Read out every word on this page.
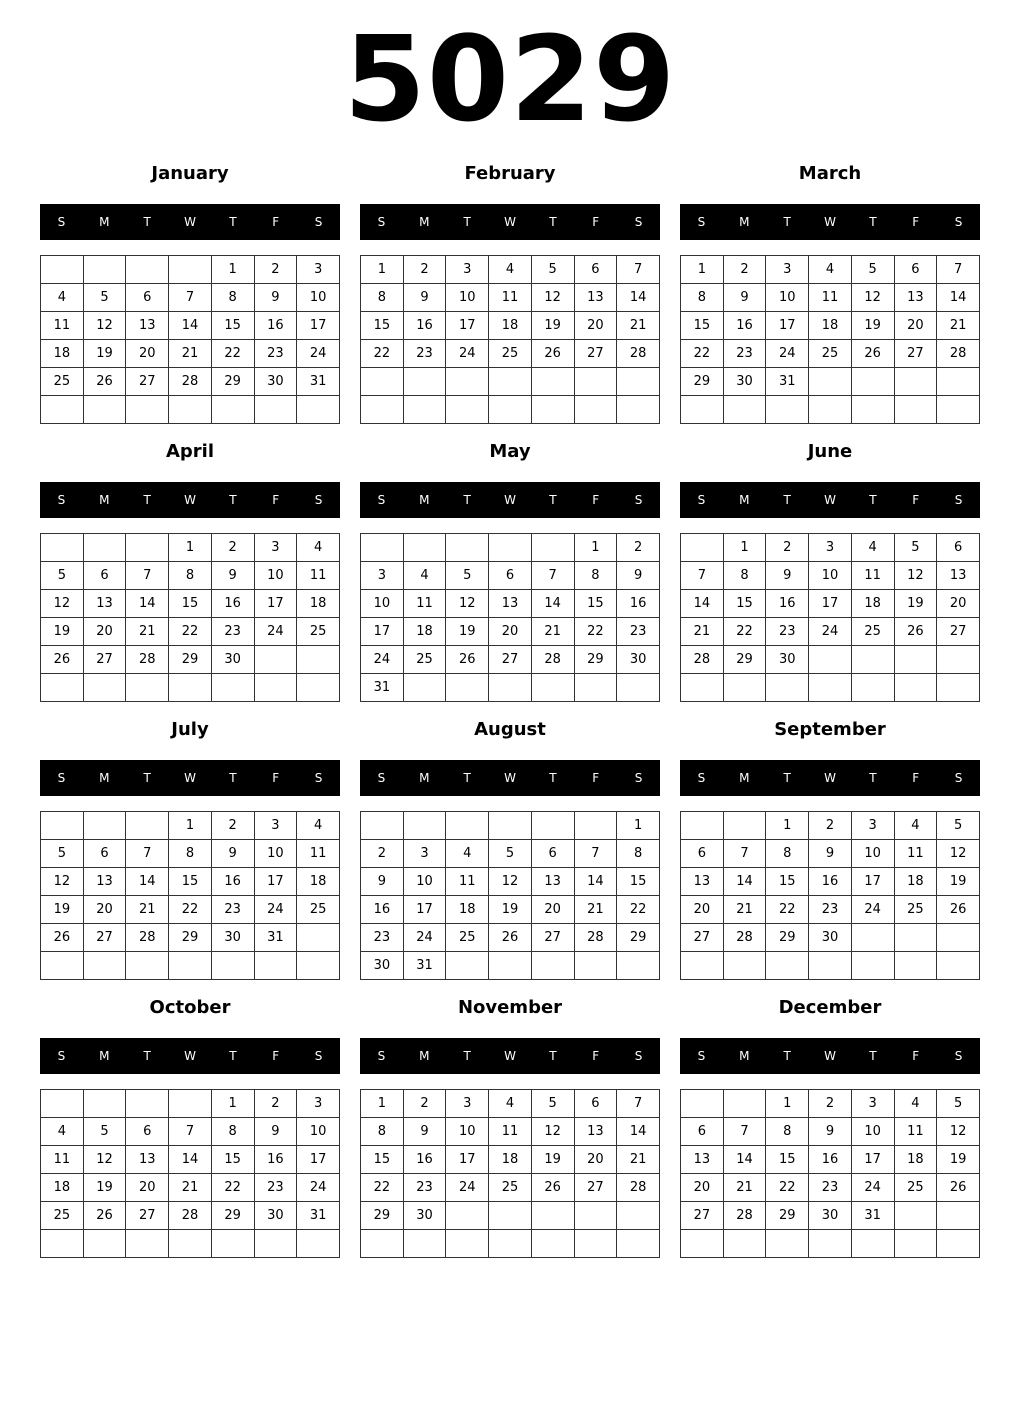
5029
January
S	M	T	W	T	F	S
				1	2	3
4	5	6	7	8	9	10
11	12	13	14	15	16	17
18	19	20	21	22	23	24
25	26	27	28	29	30	31

February
S	M	T	W	T	F	S
1	2	3	4	5	6	7
8	9	10	11	12	13	14
15	16	17	18	19	20	21
22	23	24	25	26	27	28

March
S	M	T	W	T	F	S
1	2	3	4	5	6	7
8	9	10	11	12	13	14
15	16	17	18	19	20	21
22	23	24	25	26	27	28
29	30	31				

April
S	M	T	W	T	F	S
			1	2	3	4
5	6	7	8	9	10	11
12	13	14	15	16	17	18
19	20	21	22	23	24	25
26	27	28	29	30		

May
S	M	T	W	T	F	S
					1	2
3	4	5	6	7	8	9
10	11	12	13	14	15	16
17	18	19	20	21	22	23
24	25	26	27	28	29	30
31						
June
S	M	T	W	T	F	S
	1	2	3	4	5	6
7	8	9	10	11	12	13
14	15	16	17	18	19	20
21	22	23	24	25	26	27
28	29	30				

July
S	M	T	W	T	F	S
			1	2	3	4
5	6	7	8	9	10	11
12	13	14	15	16	17	18
19	20	21	22	23	24	25
26	27	28	29	30	31	

August
S	M	T	W	T	F	S
						1
2	3	4	5	6	7	8
9	10	11	12	13	14	15
16	17	18	19	20	21	22
23	24	25	26	27	28	29
30	31					
September
S	M	T	W	T	F	S
		1	2	3	4	5
6	7	8	9	10	11	12
13	14	15	16	17	18	19
20	21	22	23	24	25	26
27	28	29	30			

October
S	M	T	W	T	F	S
				1	2	3
4	5	6	7	8	9	10
11	12	13	14	15	16	17
18	19	20	21	22	23	24
25	26	27	28	29	30	31

November
S	M	T	W	T	F	S
1	2	3	4	5	6	7
8	9	10	11	12	13	14
15	16	17	18	19	20	21
22	23	24	25	26	27	28
29	30					

December
S	M	T	W	T	F	S
		1	2	3	4	5
6	7	8	9	10	11	12
13	14	15	16	17	18	19
20	21	22	23	24	25	26
27	28	29	30	31		
